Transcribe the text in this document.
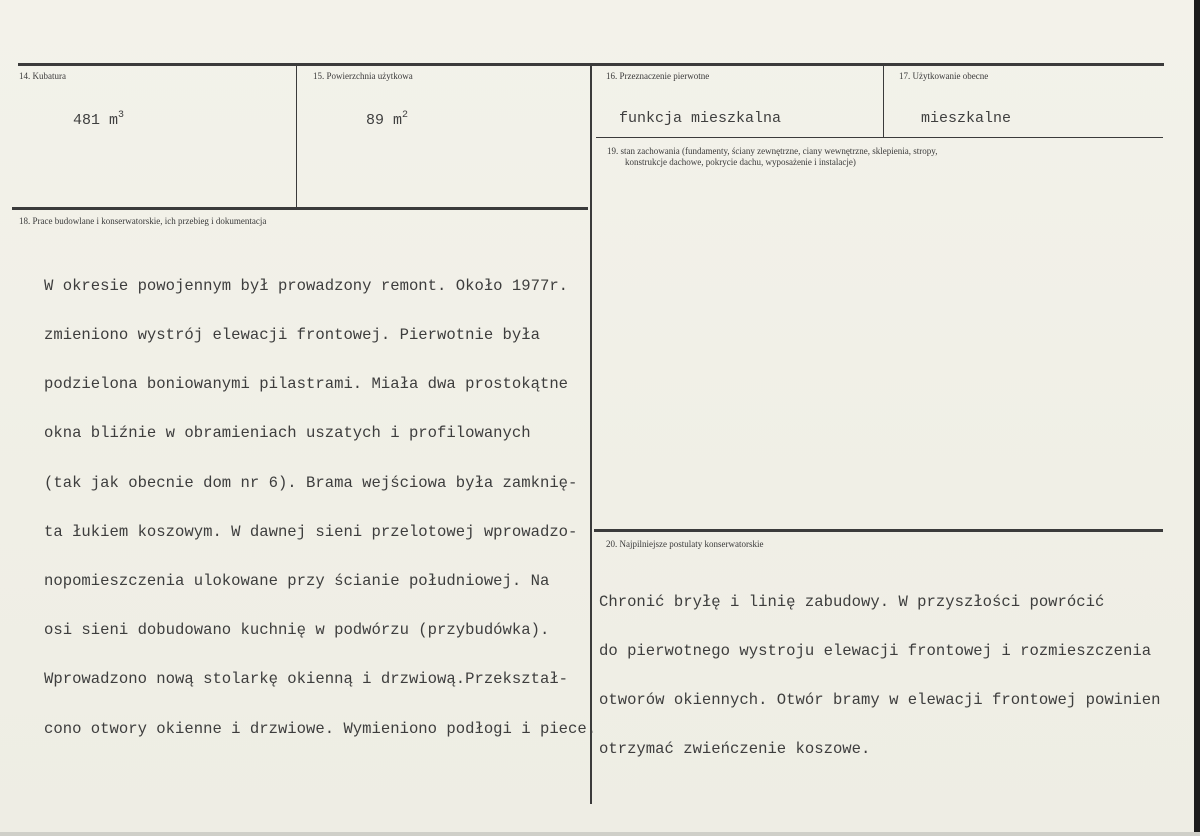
14. Kubatura
481 $m^3$
15. Powierzchnia użytkowa
89 $m^2$
16. Przeznaczenie pierwotne
funkcja mieszkalna
17. Użytkowanie obecne
mieszkalne
19. stan zachowania (fundamenty, ściany zewnętrzne, ciany wewnętrzne, sklepienia, stropy,
konstrukcje dachowe, pokrycie dachu, wyposażenie i instalacje)
18. Prace budowlane i konserwatorskie, ich przebieg i dokumentacja

W okresie powojennym był prowadzony remont. Około 1977r.

zmieniono wystrój elewacji frontowej. Pierwotnie była

podzielona boniowanymi pilastrami. Miała dwa prostokątne

okna bliźnie w obramieniach uszatych i profilowanych

(tak jak obecnie dom nr 6). Brama wejściowa była zamknię-

ta łukiem koszowym. W dawnej sieni przelotowej wprowadzo-

nopomieszczenia ulokowane przy ścianie południowej. Na

osi sieni dobudowano kuchnię w podwórzu (przybudówka).

Wprowadzono nową stolarkę okienną i drzwiową.Przekształ-

cono otwory okienne i drzwiowe. Wymieniono podłogi i piece.

20. Najpilniejsze postulaty konserwatorskie

Chronić bryłę i linię zabudowy. W przyszłości powrócić

do pierwotnego wystroju elewacji frontowej i rozmieszczenia

otworów okiennych. Otwór bramy w elewacji frontowej powinien

otrzymać zwieńczenie koszowe.
